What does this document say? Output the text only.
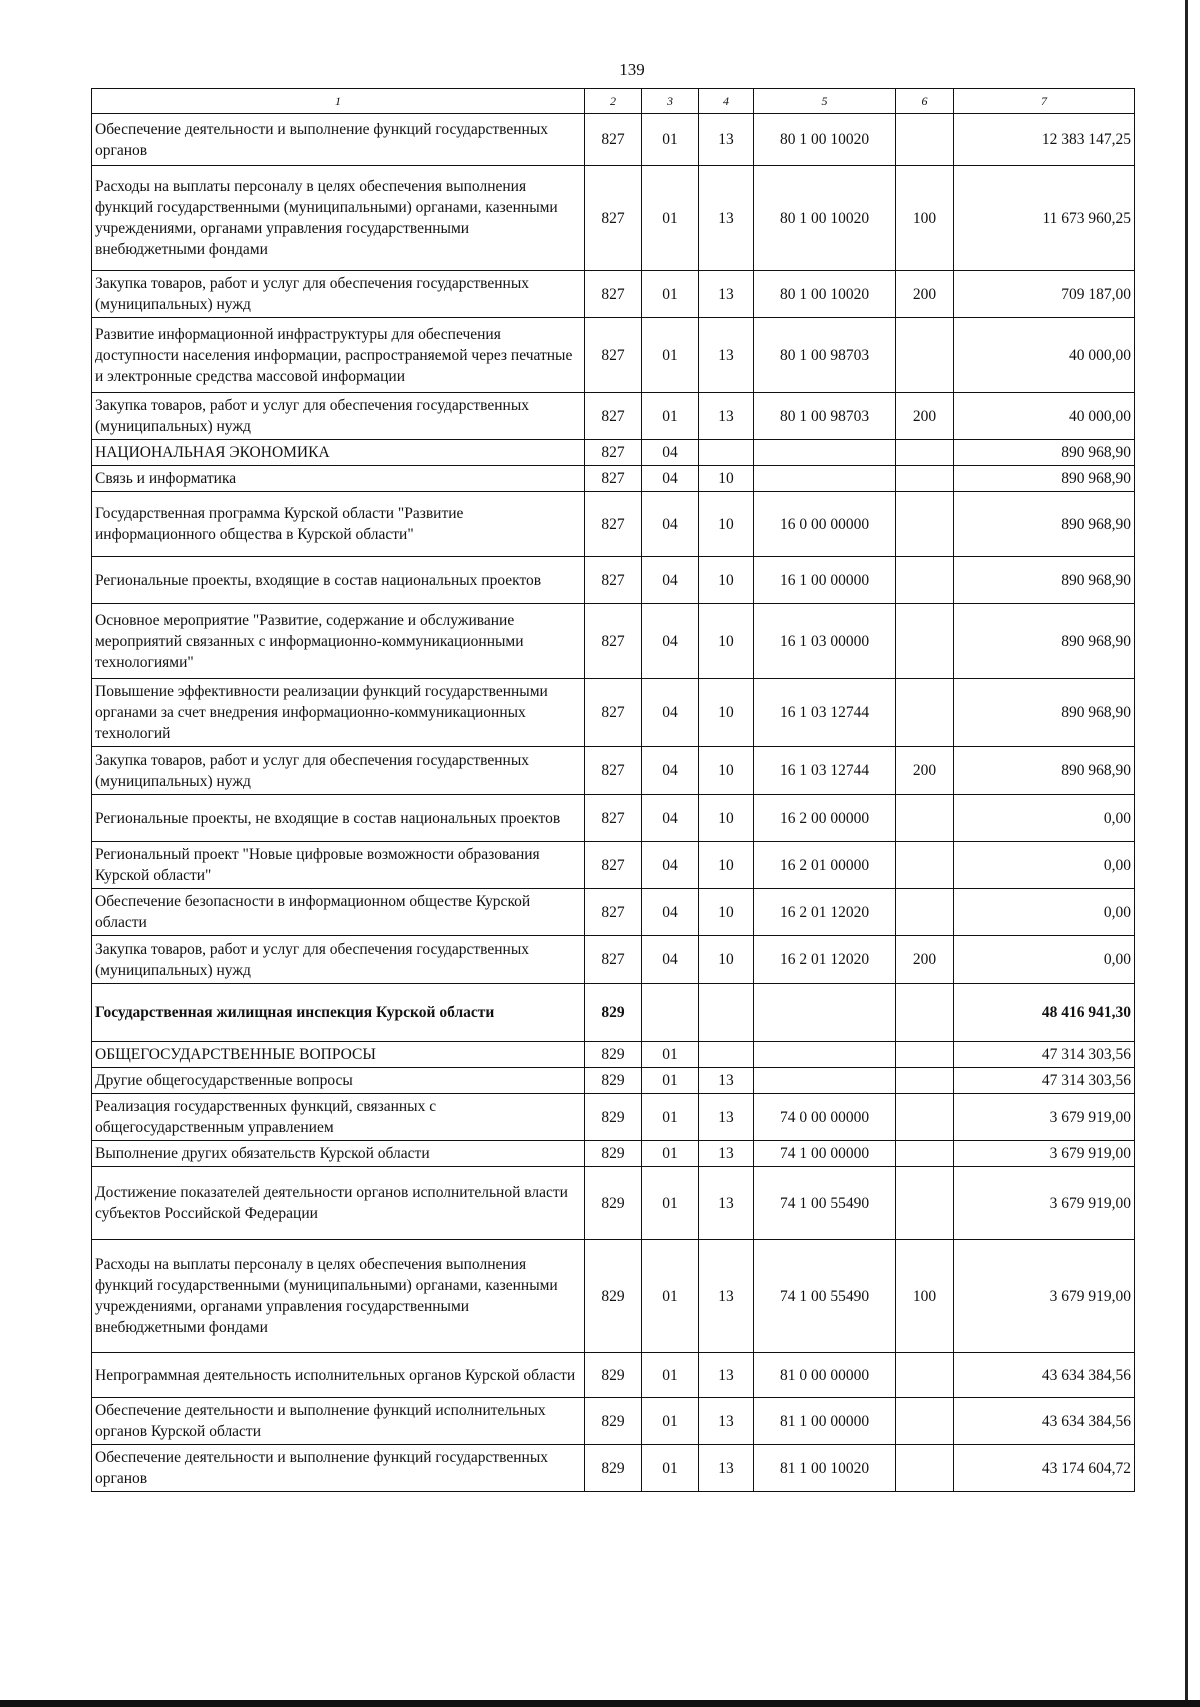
139
1	2	3	4	5	6	7
Обеспечение деятельности и выполнение функций государственных органов	827	01	13	80 1 00 10020		12 383 147,25
Расходы на выплаты персоналу в целях обеспечения выполнения функций государственными (муниципальными) органами, казенными учреждениями, органами управления государственными внебюджетными фондами	827	01	13	80 1 00 10020	100	11 673 960,25
Закупка товаров, работ и услуг для обеспечения государственных (муниципальных) нужд	827	01	13	80 1 00 10020	200	709 187,00
Развитие информационной инфраструктуры для обеспечения доступности населения информации, распространяемой через печатные и электронные средства массовой информации	827	01	13	80 1 00 98703		40 000,00
Закупка товаров, работ и услуг для обеспечения государственных (муниципальных) нужд	827	01	13	80 1 00 98703	200	40 000,00
НАЦИОНАЛЬНАЯ ЭКОНОМИКА	827	04				890 968,90
Связь и информатика	827	04	10			890 968,90
Государственная программа Курской области "Развитие информационного общества в Курской области"	827	04	10	16 0 00 00000		890 968,90
Региональные проекты, входящие в состав национальных проектов	827	04	10	16 1 00 00000		890 968,90
Основное мероприятие "Развитие, содержание и обслуживание мероприятий связанных с информационно-коммуникационными технологиями"	827	04	10	16 1 03 00000		890 968,90
Повышение эффективности реализации функций государственными органами за счет внедрения информационно-коммуникационных технологий	827	04	10	16 1 03 12744		890 968,90
Закупка товаров, работ и услуг для обеспечения государственных (муниципальных) нужд	827	04	10	16 1 03 12744	200	890 968,90
Региональные проекты, не входящие в состав национальных проектов	827	04	10	16 2 00 00000		0,00
Региональный проект "Новые цифровые возможности образования Курской области"	827	04	10	16 2 01 00000		0,00
Обеспечение безопасности в информационном обществе Курской области	827	04	10	16 2 01 12020		0,00
Закупка товаров, работ и услуг для обеспечения государственных (муниципальных) нужд	827	04	10	16 2 01 12020	200	0,00
Государственная жилищная инспекция Курской области	829					48 416 941,30
ОБЩЕГОСУДАРСТВЕННЫЕ ВОПРОСЫ	829	01				47 314 303,56
Другие общегосударственные вопросы	829	01	13			47 314 303,56
Реализация государственных функций, связанных с общегосударственным управлением	829	01	13	74 0 00 00000		3 679 919,00
Выполнение других обязательств Курской области	829	01	13	74 1 00 00000		3 679 919,00
Достижение показателей деятельности органов исполнительной власти субъектов Российской Федерации	829	01	13	74 1 00 55490		3 679 919,00
Расходы на выплаты персоналу в целях обеспечения выполнения функций государственными (муниципальными) органами, казенными учреждениями, органами управления государственными внебюджетными фондами	829	01	13	74 1 00 55490	100	3 679 919,00
Непрограммная деятельность исполнительных органов Курской области	829	01	13	81 0 00 00000		43 634 384,56
Обеспечение деятельности и выполнение функций исполнительных органов Курской области	829	01	13	81 1 00 00000		43 634 384,56
Обеспечение деятельности и выполнение функций государственных органов	829	01	13	81 1 00 10020		43 174 604,72
